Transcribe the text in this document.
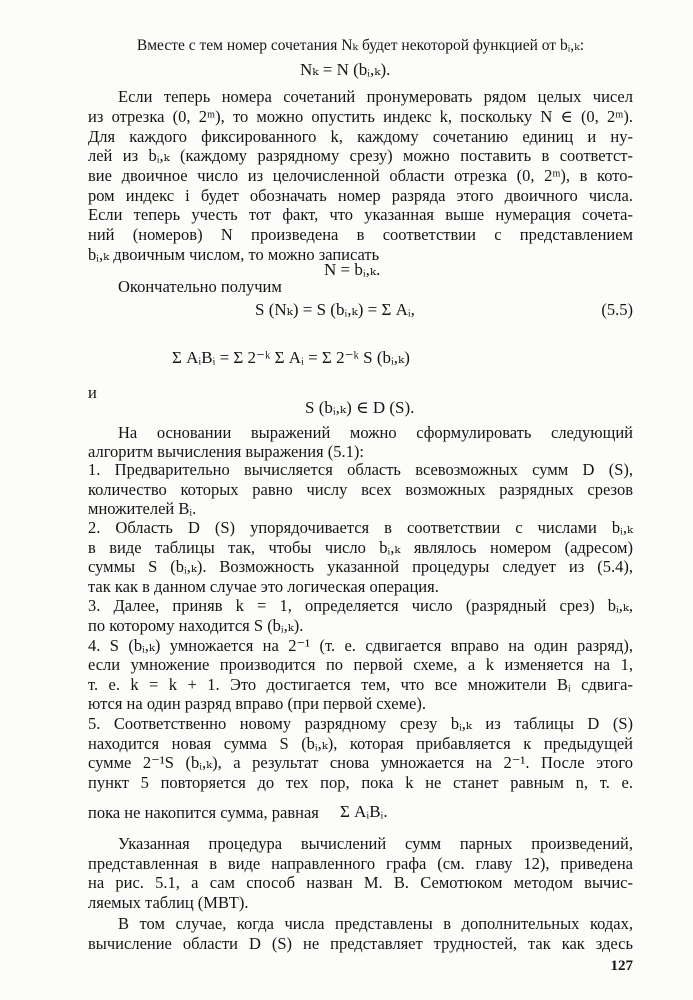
Вместе с тем номер сочетания Nₖ будет некоторой функцией от bᵢ,ₖ:
Nₖ = N (bᵢ,ₖ).
Если теперь номера сочетаний пронумеровать рядом целых чисел
из отрезка (0, 2ᵐ), то можно опустить индекс k, поскольку N ∈ (0, 2ᵐ).
Для каждого фиксированного k, каждому сочетанию единиц и ну-
лей из bᵢ,ₖ (каждому разрядному срезу) можно поставить в соответст-
вие двоичное число из целочисленной области отрезка (0, 2ᵐ), в кото-
ром индекс i будет обозначать номер разряда этого двоичного числа.
Если теперь учесть тот факт, что указанная выше нумерация сочета-
ний (номеров) N произведена в соответствии с представлением
bᵢ,ₖ двоичным числом, то можно записать
N = bᵢ,ₖ.
Окончательно получим
S (Nₖ) = S (bᵢ,ₖ) = Σ Aᵢ,	(5.5)
Σ AᵢBᵢ = Σ 2⁻ᵏ Σ Aᵢ = Σ 2⁻ᵏ S (bᵢ,ₖ)
и
S (bᵢ,ₖ) ∈ D (S).
На основании выражений можно сформулировать следующий
алгоритм вычисления выражения (5.1):
1. Предварительно вычисляется область всевозможных сумм D (S),
количество которых равно числу всех возможных разрядных срезов
множителей Bᵢ.
2. Область D (S) упорядочивается в соответствии с числами bᵢ,ₖ
в виде таблицы так, чтобы число bᵢ,ₖ являлось номером (адресом)
суммы S (bᵢ,ₖ). Возможность указанной процедуры следует из (5.4),
так как в данном случае это логическая операция.
3. Далее, приняв k = 1, определяется число (разрядный срез) bᵢ,ₖ,
по которому находится S (bᵢ,ₖ).
4. S (bᵢ,ₖ) умножается на 2⁻¹ (т. е. сдвигается вправо на один разряд),
если умножение производится по первой схеме, а k изменяется на 1,
т. е. k = k + 1. Это достигается тем, что все множители Bᵢ сдвига-
ются на один разряд вправо (при первой схеме).
5. Соответственно новому разрядному срезу bᵢ,ₖ из таблицы D (S)
находится новая сумма S (bᵢ,ₖ), которая прибавляется к предыдущей
сумме 2⁻¹S (bᵢ,ₖ), а результат снова умножается на 2⁻¹. После этого
пункт 5 повторяется до тех пор, пока k не станет равным n, т. е.
пока не накопится сумма, равная	Σ AᵢBᵢ.
Указанная процедура вычислений сумм парных произведений,
представленная в виде направленного графа (см. главу 12), приведена
на рис. 5.1, а сам способ назван М. В. Семотюком методом вычис-
ляемых таблиц (МВТ).
В том случае, когда числа представлены в дополнительных кодах,
вычисление области D (S) не представляет трудностей, так как здесь
127
